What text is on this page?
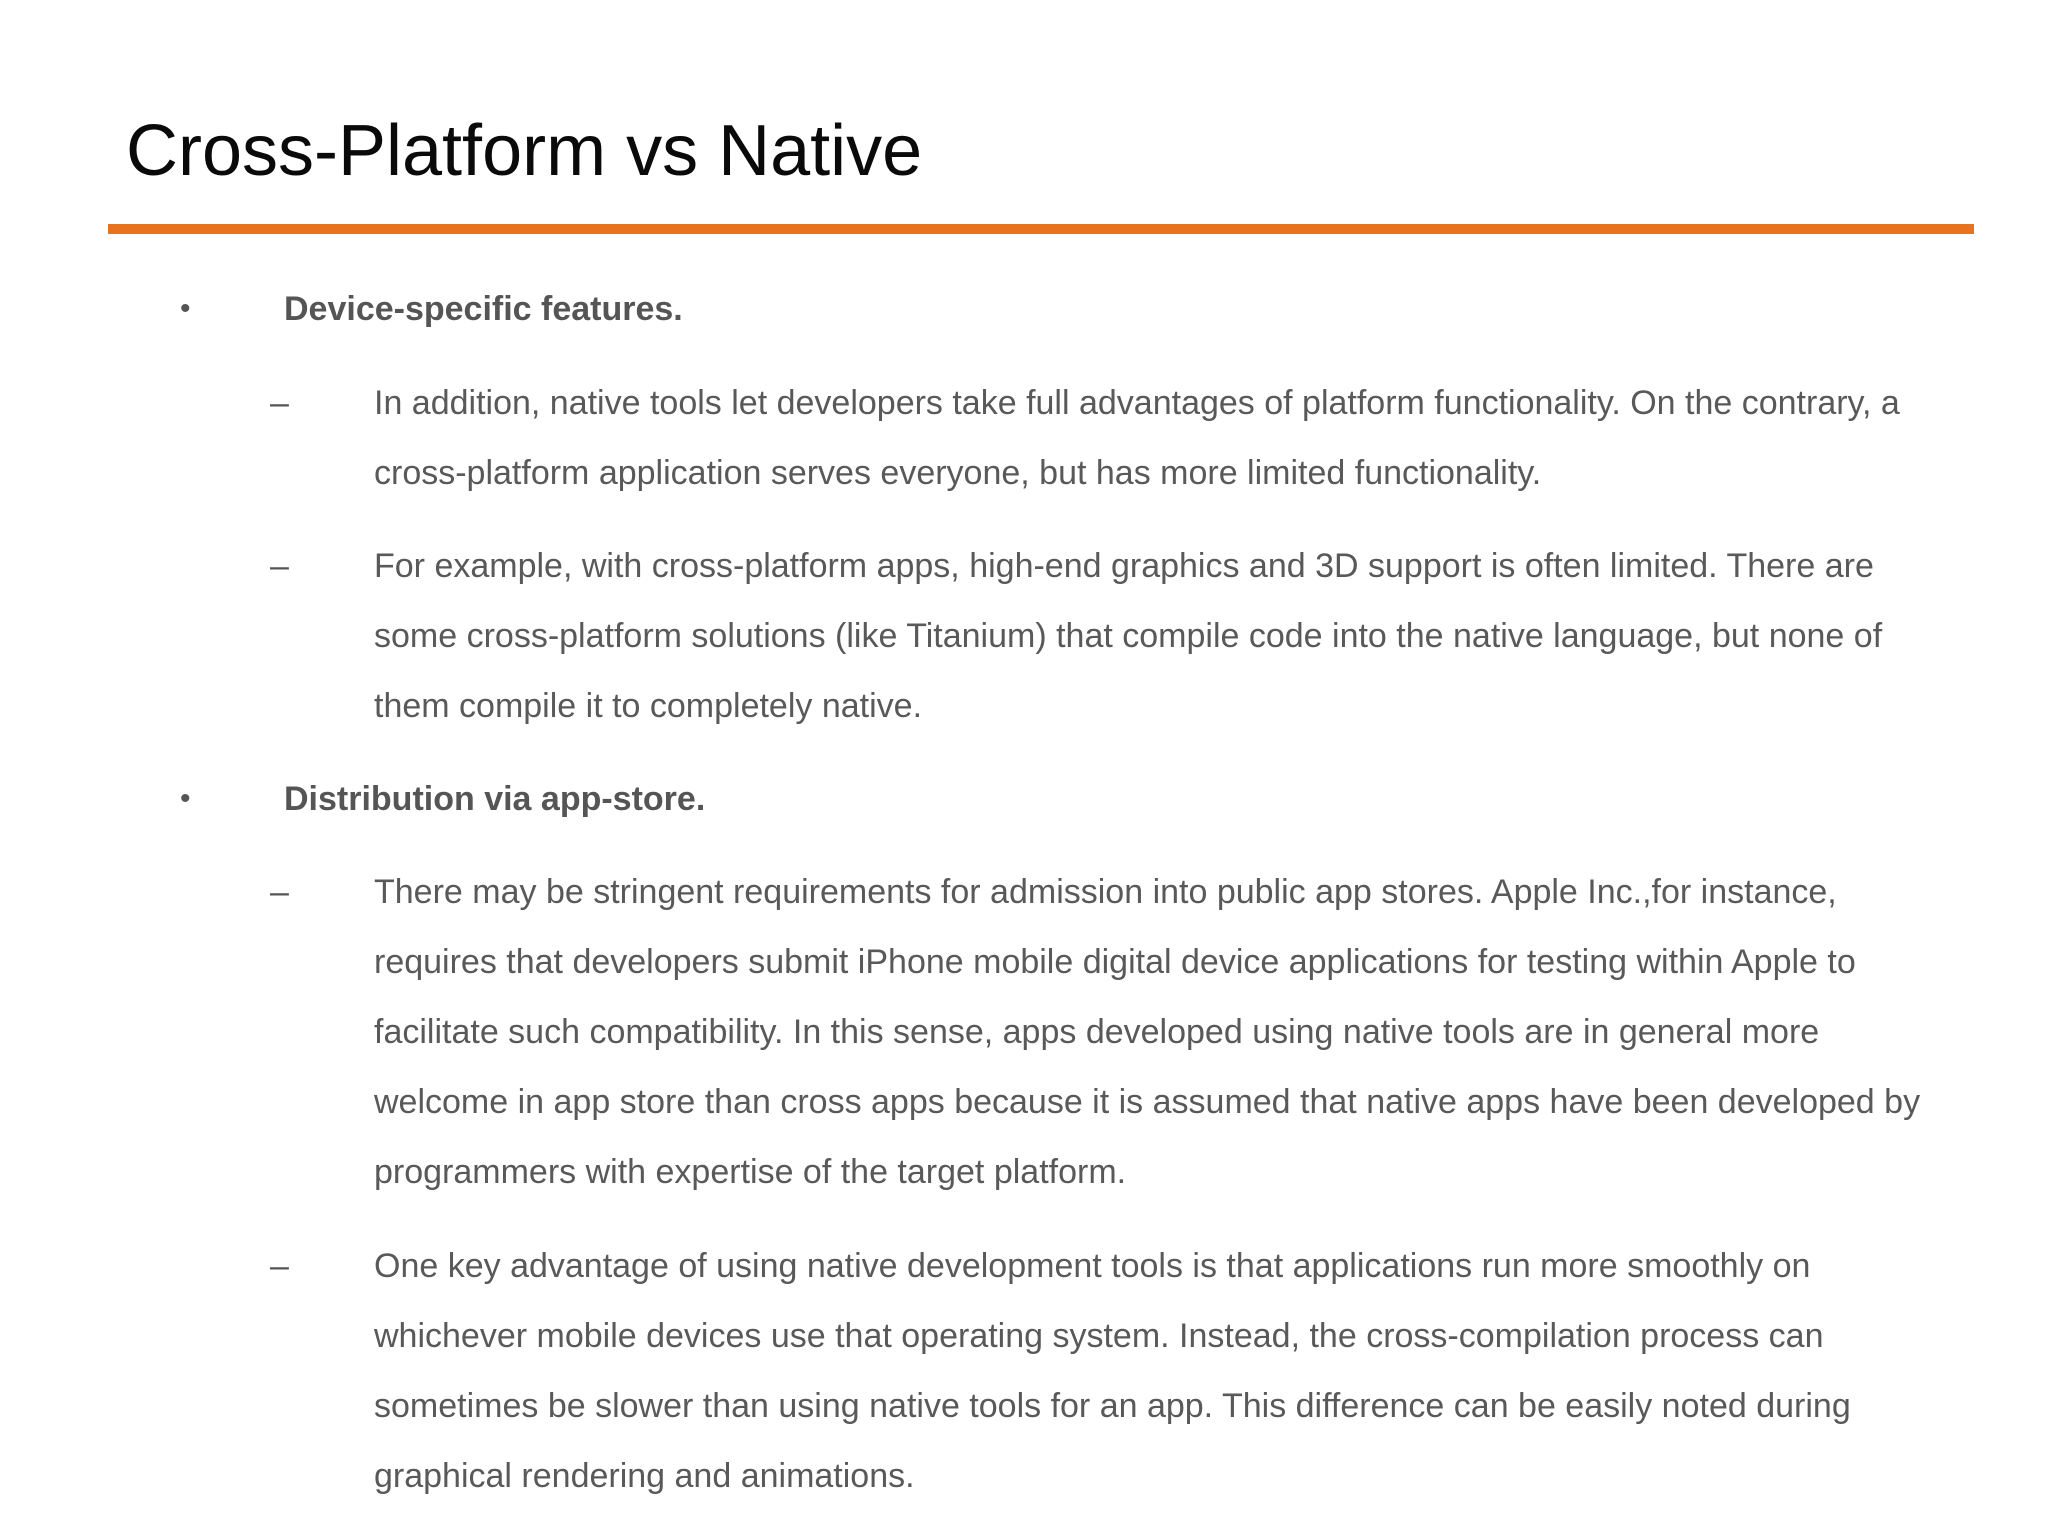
Cross-Platform vs Native
•	Device-specific features.
–	In addition, native tools let developers take full advantages of platform functionality. On the contrary, a cross-platform application serves everyone, but has more limited functionality.
–	For example, with cross-platform apps, high-end graphics and 3D support is often limited. There are some cross-platform solutions (like Titanium) that compile code into the native language, but none of them compile it to completely native.
•	Distribution via app-store.
–	There may be stringent requirements for admission into public app stores. Apple Inc.,for instance, requires that developers submit iPhone mobile digital device applications for testing within Apple to facilitate such compatibility. In this sense, apps developed using native tools are in general more welcome in app store than cross apps because it is assumed that native apps have been developed by programmers with expertise of the target platform.
–	One key advantage of using native development tools is that applications run more smoothly on whichever mobile devices use that operating system. Instead, the cross-compilation process can sometimes be slower than using native tools for an app. This difference can be easily noted during graphical rendering and animations.
